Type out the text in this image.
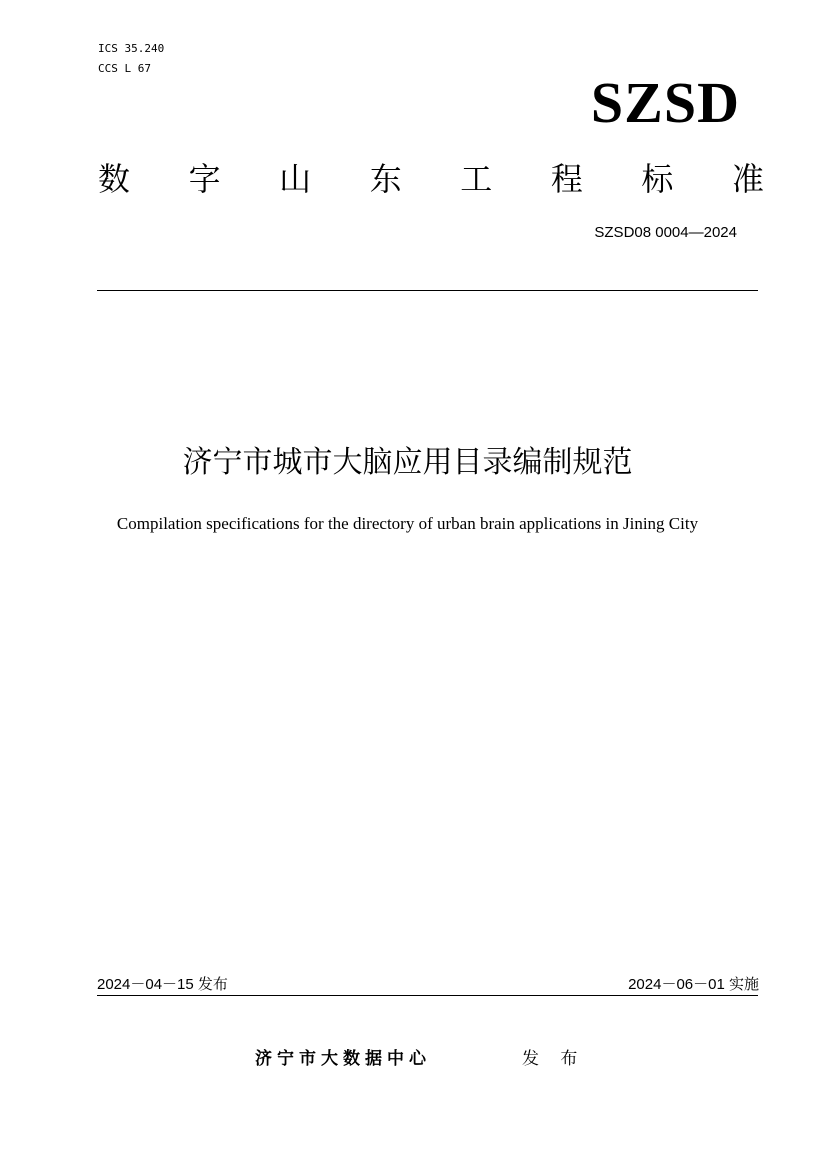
ICS 35.240
CCS L 67
SZSD
数 字 山 东 工 程 标 准
SZSD08 0004—2024
济宁市城市大脑应用目录编制规范
Compilation specifications for the directory of urban brain applications in Jining City
2024－04－15 发布	2024－06－01 实施
济宁市大数据中心	发 布
